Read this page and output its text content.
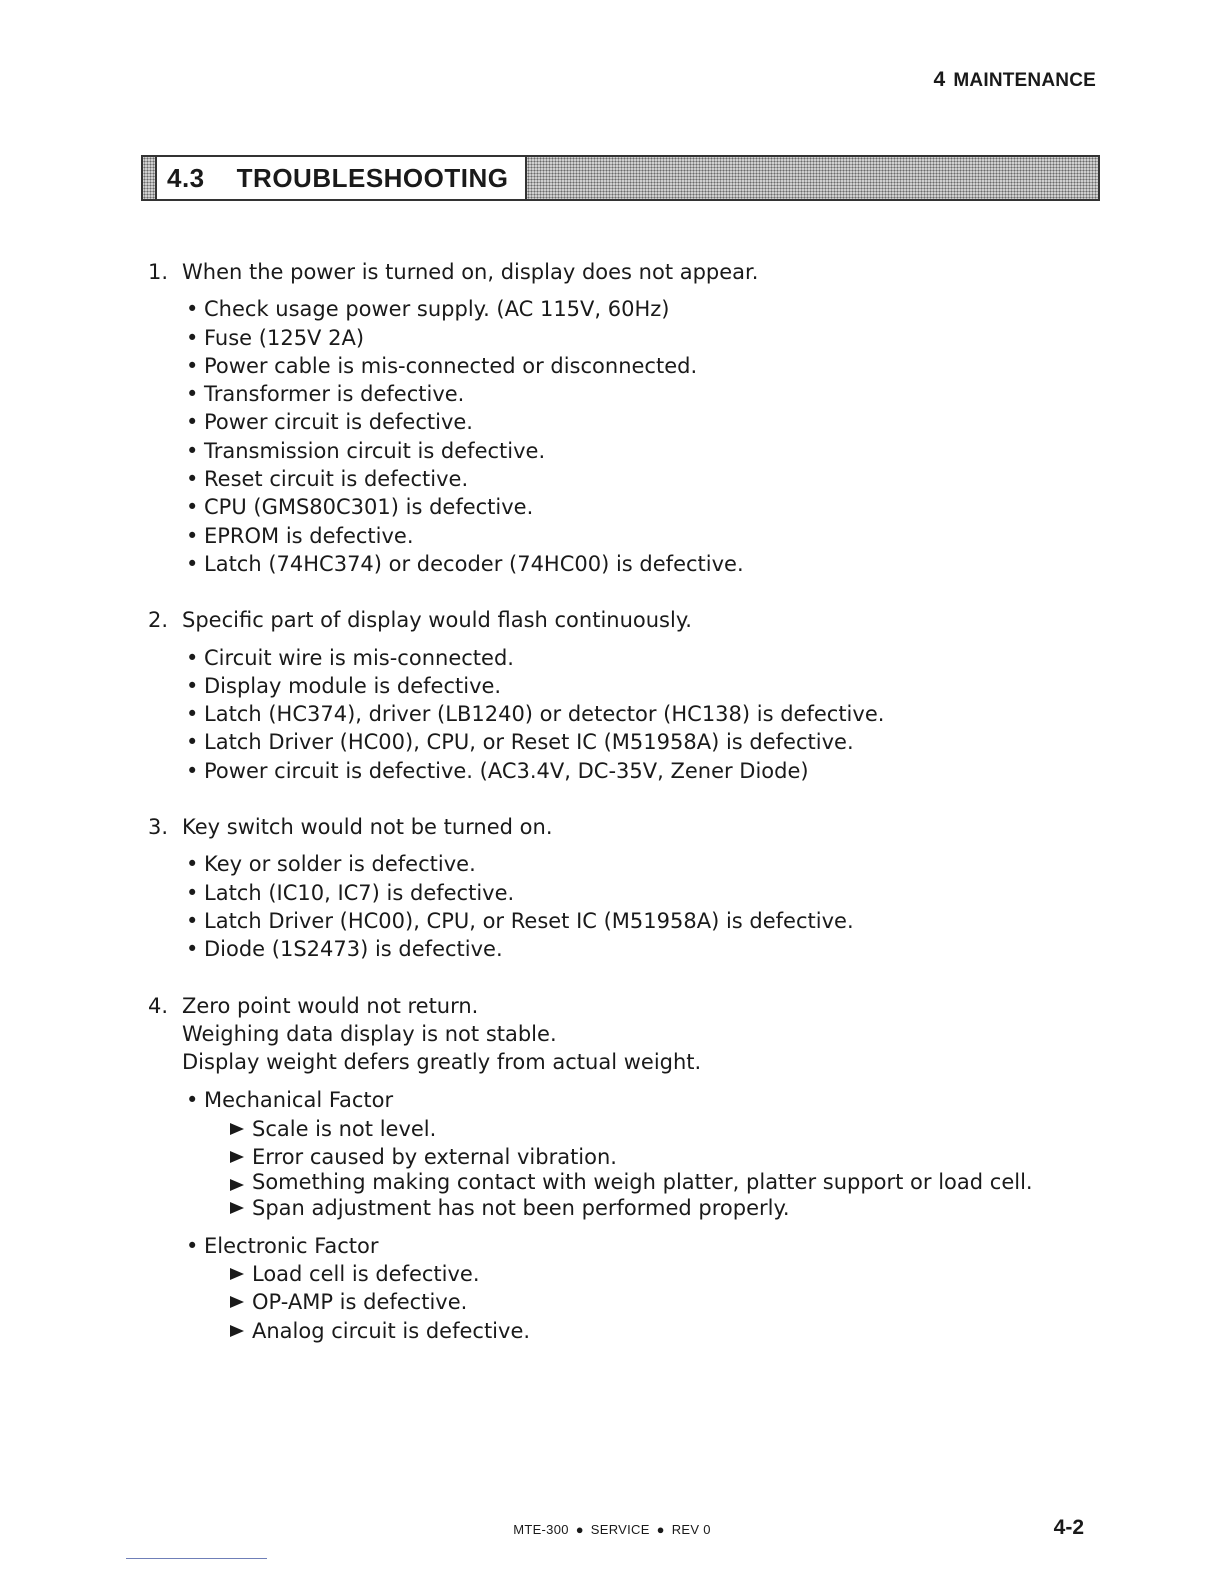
4 MAINTENANCE
4.3 TROUBLESHOOTING
1. When the power is turned on, display does not appear.
• Check usage power supply. (AC 115V, 60Hz)
• Fuse (125V 2A)
• Power cable is mis-connected or disconnected.
• Transformer is defective.
• Power circuit is defective.
• Transmission circuit is defective.
• Reset circuit is defective.
• CPU (GMS80C301) is defective.
• EPROM is defective.
• Latch (74HC374) or decoder (74HC00) is defective.
2. Specific part of display would flash continuously.
• Circuit wire is mis-connected.
• Display module is defective.
• Latch (HC374), driver (LB1240) or detector (HC138) is defective.
• Latch Driver (HC00), CPU, or Reset IC (M51958A) is defective.
• Power circuit is defective. (AC3.4V, DC-35V, Zener Diode)
3. Key switch would not be turned on.
• Key or solder is defective.
• Latch (IC10, IC7) is defective.
• Latch Driver (HC00), CPU, or Reset IC (M51958A) is defective.
• Diode (1S2473) is defective.
4. Zero point would not return.
Weighing data display is not stable.
Display weight defers greatly from actual weight.
• Mechanical Factor
Scale is not level.
Error caused by external vibration.
Something making contact with weigh platter, platter support or load cell.
Span adjustment has not been performed properly.
• Electronic Factor
Load cell is defective.
OP-AMP is defective.
Analog circuit is defective.
MTE-300 ● SERVICE ● REV 0	4-2
